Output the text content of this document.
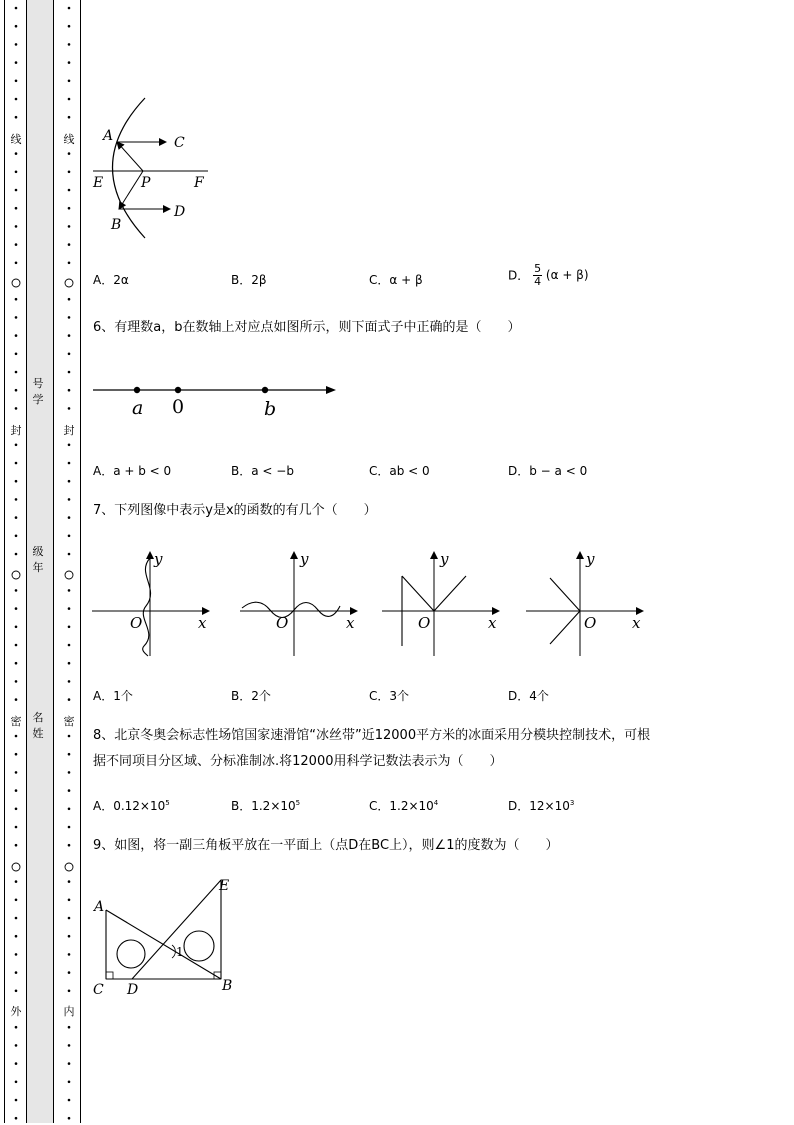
线
封
密
外
线
封
密
内
号学
级年
名姓
A	C
E	P	F
D
B
A．2α	B．2β	C．α + β	D． $\frac{5}{4} (\alpha + \beta)$
6、有理数a，b在数轴上对应点如图所示，则下面式子中正确的是（　　）
a 0	b
A．a + b < 0	B．a < −b	C．ab < 0	D．b − a < 0
7、下列图像中表示y是x的函数的有几个（　　）
y
O	x
y
O	x
y
O	x
y
O x
A．1个	B．2个	C．3个	D．4个
8、北京冬奥会标志性场馆国家速滑馆“冰丝带”近12000平方米的冰面采用分模块控制技术，可根
据不同项目分区域、分标准制冰.将12000用科学记数法表示为（　　）
A．$0.12\times 10^5$	B．$1.2\times 10^5$	C．$1.2\times 10^4$	D．$12\times 10^3$
9、如图，将一副三角板平放在一平面上（点D在BC上），则∠1的度数为（　　）
1
A
E
C D	B
